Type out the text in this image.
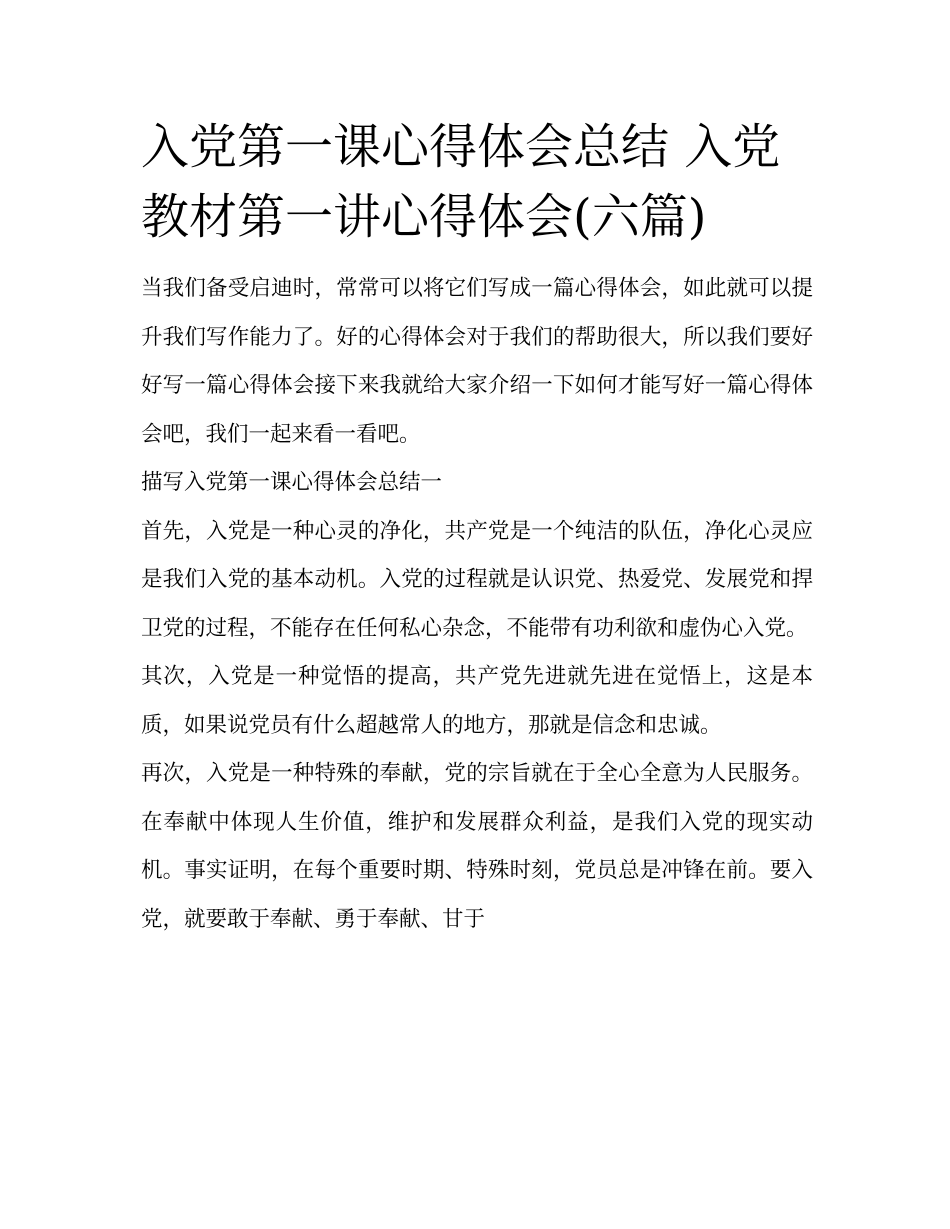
入党第一课心得体会总结 入党
教材第一讲心得体会(六篇)

当我们备受启迪时，常常可以将它们写成一篇心得体会，如此就可以提升我们写作能力了。好的心得体会对于我们的帮助很大，所以我们要好好写一篇心得体会接下来我就给大家介绍一下如何才能写好一篇心得体会吧，我们一起来看一看吧。

描写入党第一课心得体会总结一

首先，入党是一种心灵的净化，共产党是一个纯洁的队伍，净化心灵应是我们入党的基本动机。入党的过程就是认识党、热爱党、发展党和捍卫党的过程，不能存在任何私心杂念，不能带有功利欲和虚伪心入党。

其次，入党是一种觉悟的提高，共产党先进就先进在觉悟上，这是本质，如果说党员有什么超越常人的地方，那就是信念和忠诚。

再次，入党是一种特殊的奉献，党的宗旨就在于全心全意为人民服务。在奉献中体现人生价值，维护和发展群众利益，是我们入党的现实动机。事实证明，在每个重要时期、特殊时刻，党员总是冲锋在前。要入党，就要敢于奉献、勇于奉献、甘于
